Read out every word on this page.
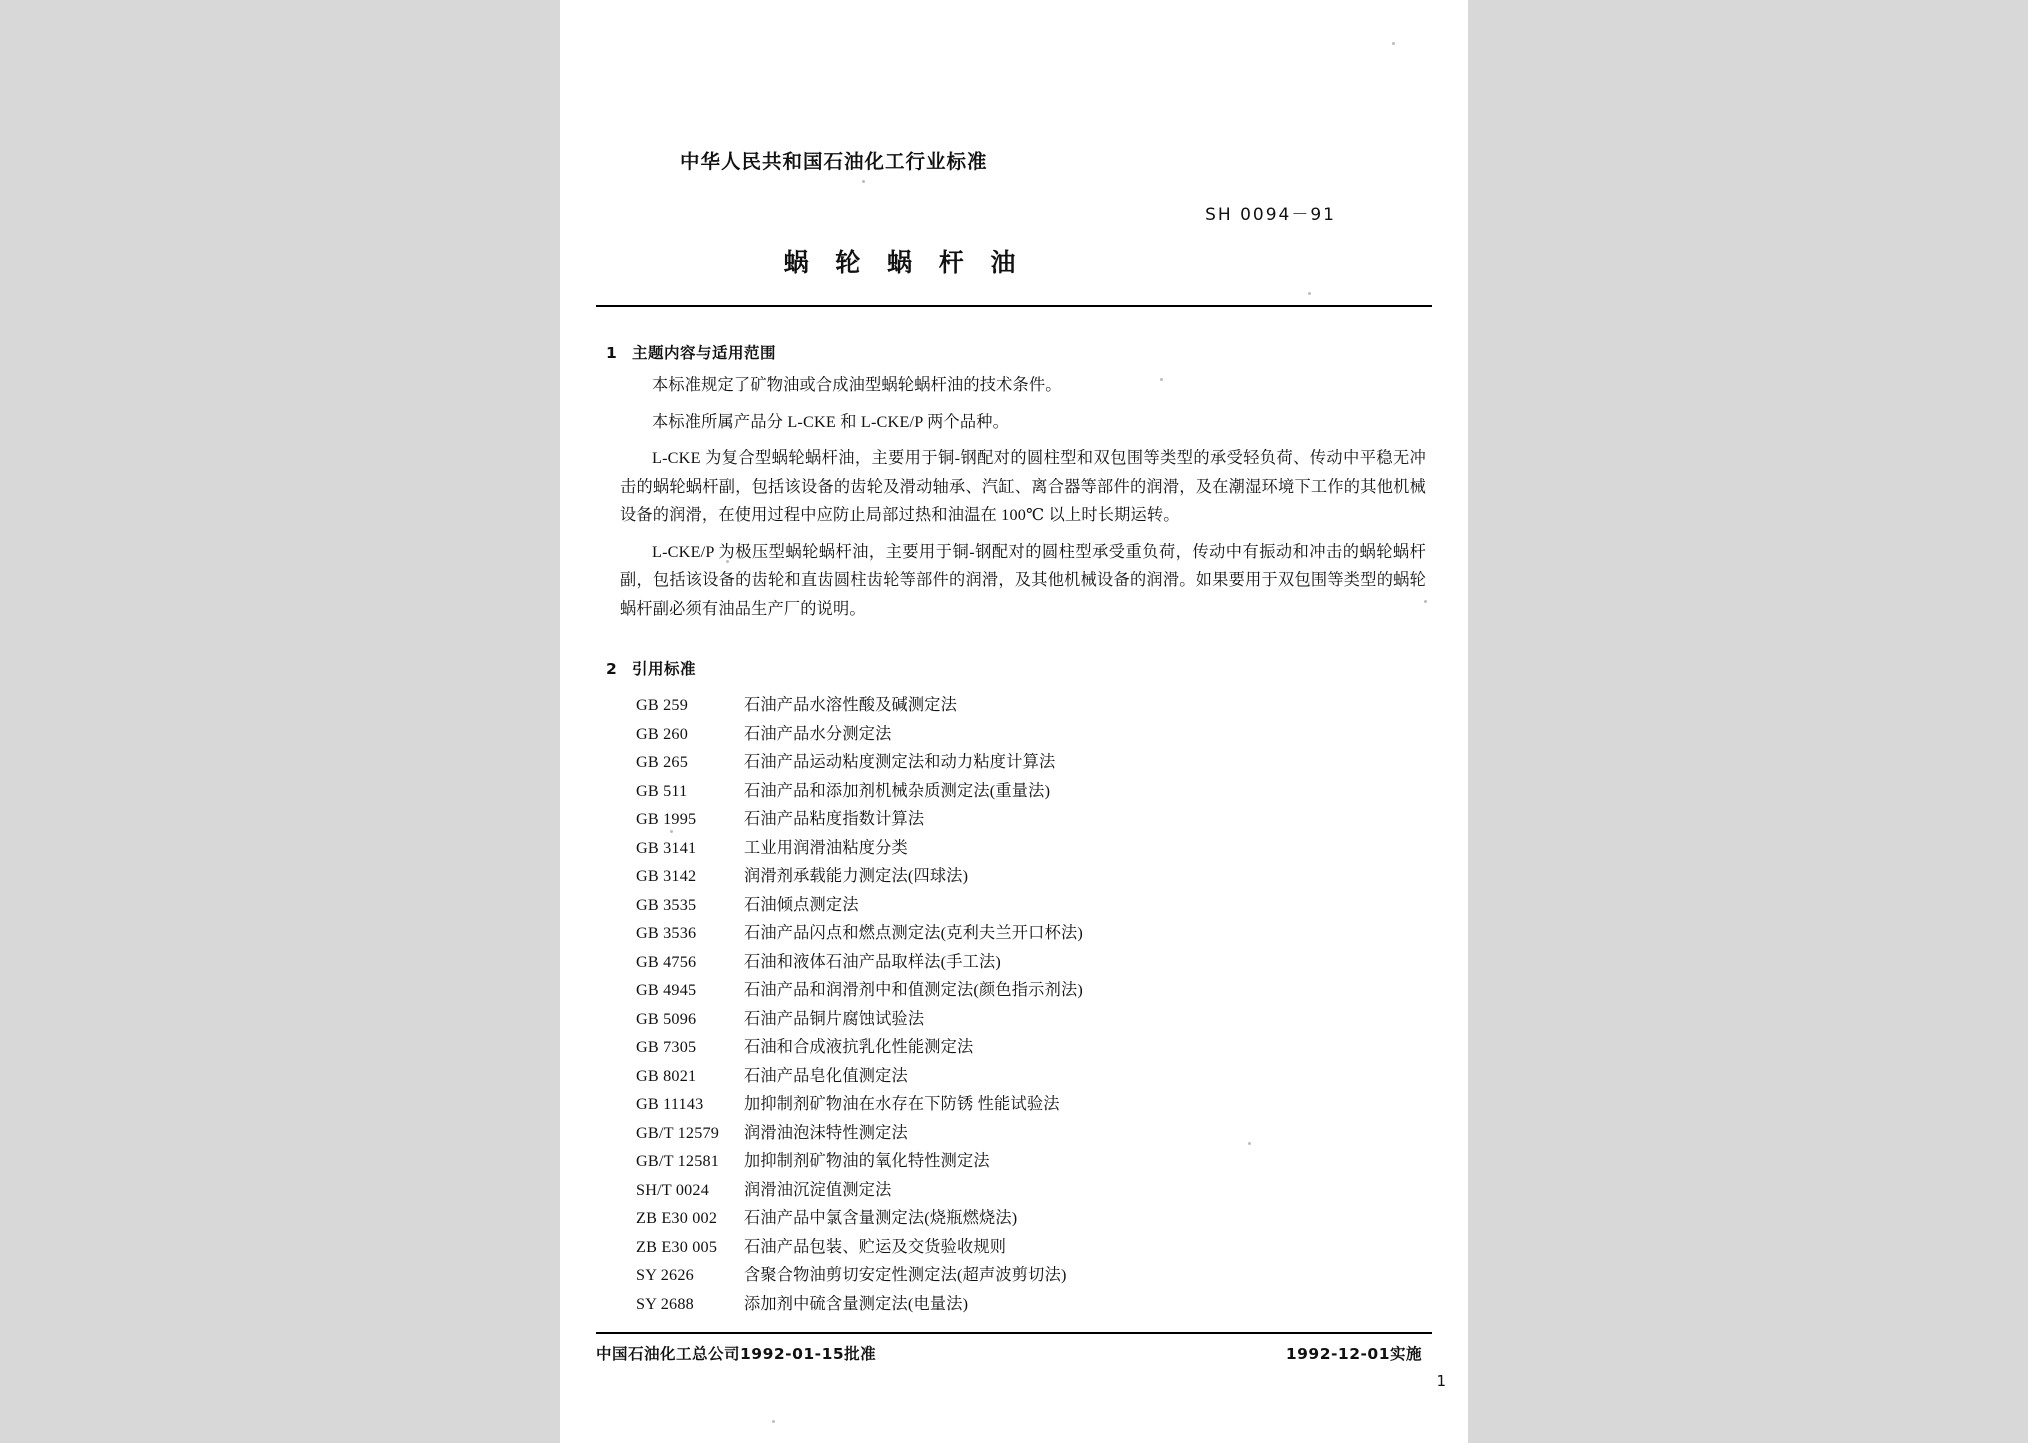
中华人民共和国石油化工行业标准
SH 0094－91
蜗 轮 蜗 杆 油
1 主题内容与适用范围
本标准规定了矿物油或合成油型蜗轮蜗杆油的技术条件。
本标准所属产品分 L-CKE 和 L-CKE/P 两个品种。
L-CKE 为复合型蜗轮蜗杆油，主要用于铜-钢配对的圆柱型和双包围等类型的承受轻负荷、传动中平稳无冲击的蜗轮蜗杆副，包括该设备的齿轮及滑动轴承、汽缸、离合器等部件的润滑，及在潮湿环境下工作的其他机械设备的润滑，在使用过程中应防止局部过热和油温在 100℃ 以上时长期运转。
L-CKE/P 为极压型蜗轮蜗杆油，主要用于铜-钢配对的圆柱型承受重负荷，传动中有振动和冲击的蜗轮蜗杆副，包括该设备的齿轮和直齿圆柱齿轮等部件的润滑，及其他机械设备的润滑。如果要用于双包围等类型的蜗轮蜗杆副必须有油品生产厂的说明。
2 引用标准
GB 259	石油产品水溶性酸及碱测定法
GB 260	石油产品水分测定法
GB 265	石油产品运动粘度测定法和动力粘度计算法
GB 511	石油产品和添加剂机械杂质测定法(重量法)
GB 1995	石油产品粘度指数计算法
GB 3141	工业用润滑油粘度分类
GB 3142	润滑剂承载能力测定法(四球法)
GB 3535	石油倾点测定法
GB 3536	石油产品闪点和燃点测定法(克利夫兰开口杯法)
GB 4756	石油和液体石油产品取样法(手工法)
GB 4945	石油产品和润滑剂中和值测定法(颜色指示剂法)
GB 5096	石油产品铜片腐蚀试验法
GB 7305	石油和合成液抗乳化性能测定法
GB 8021	石油产品皂化值测定法
GB 11143	加抑制剂矿物油在水存在下防锈 性能试验法
GB/T 12579 润滑油泡沫特性测定法
GB/T 12581 加抑制剂矿物油的氧化特性测定法
SH/T 0024 润滑油沉淀值测定法
ZB E30 002 石油产品中氯含量测定法(烧瓶燃烧法)
ZB E30 005 石油产品包装、贮运及交货验收规则
SY 2626	含聚合物油剪切安定性测定法(超声波剪切法)
SY 2688	添加剂中硫含量测定法(电量法)
中国石油化工总公司1992-01-15批准	1992-12-01实施
1
